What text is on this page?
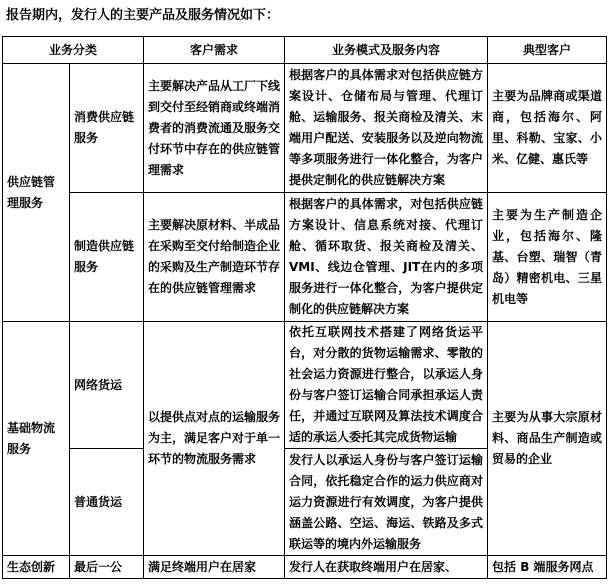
报告期内，发行人的主要产品及服务情况如下：
业务分类		客户需求	业务模式及服务内容	典型客户
供应链管理服务	消费供应链服务	主要解决产品从工厂下线到交付至经销商或终端消费者的消费流通及服务交付环节中存在的供应链管理需求	根据客户的具体需求对包括供应链方案设计、仓储布局与管理、代理订舱、运输服务、报关商检及清关、末端用户配送、安装服务以及逆向物流等多项服务进行一体化整合，为客户提供定制化的供应链解决方案	主要为品牌商或渠道商，包括海尔、阿里、科勒、宝家、小米、亿健、惠氏等
	制造供应链服务	主要解决原材料、半成品在采购至交付给制造企业的采购及生产制造环节存在的供应链管理需求	根据客户的具体需求，对包括供应链方案设计、信息系统对接、代理订舱、循环取货、报关商检及清关、VMI、线边仓管理、JIT在内的多项服务进行一体化整合，为客户提供定制化的供应链解决方案	主要为生产制造企业，包括海尔、隆基、台塑、瑞智（青岛）精密机电、三星机电等
基础物流服务	网络货运	以提供点对点的运输服务为主，满足客户对于单一环节的物流服务需求	依托互联网技术搭建了网络货运平台，对分散的货物运输需求、零散的社会运力资源进行整合，以承运人身份与客户签订运输合同承担承运人责任，并通过互联网及算法技术调度合适的承运人委托其完成货物运输	主要为从事大宗原材料、商品生产制造或贸易的企业
	普通货运		发行人以承运人身份与客户签订运输合同，依托稳定合作的运力供应商对运力资源进行有效调度，为客户提供涵盖公路、空运、海运、铁路及多式联运等的境内外运输服务	

生态创新	最后一公	满足终端用户在居家	发行人在获取终端用户在居家、	包括 B 端服务网点
